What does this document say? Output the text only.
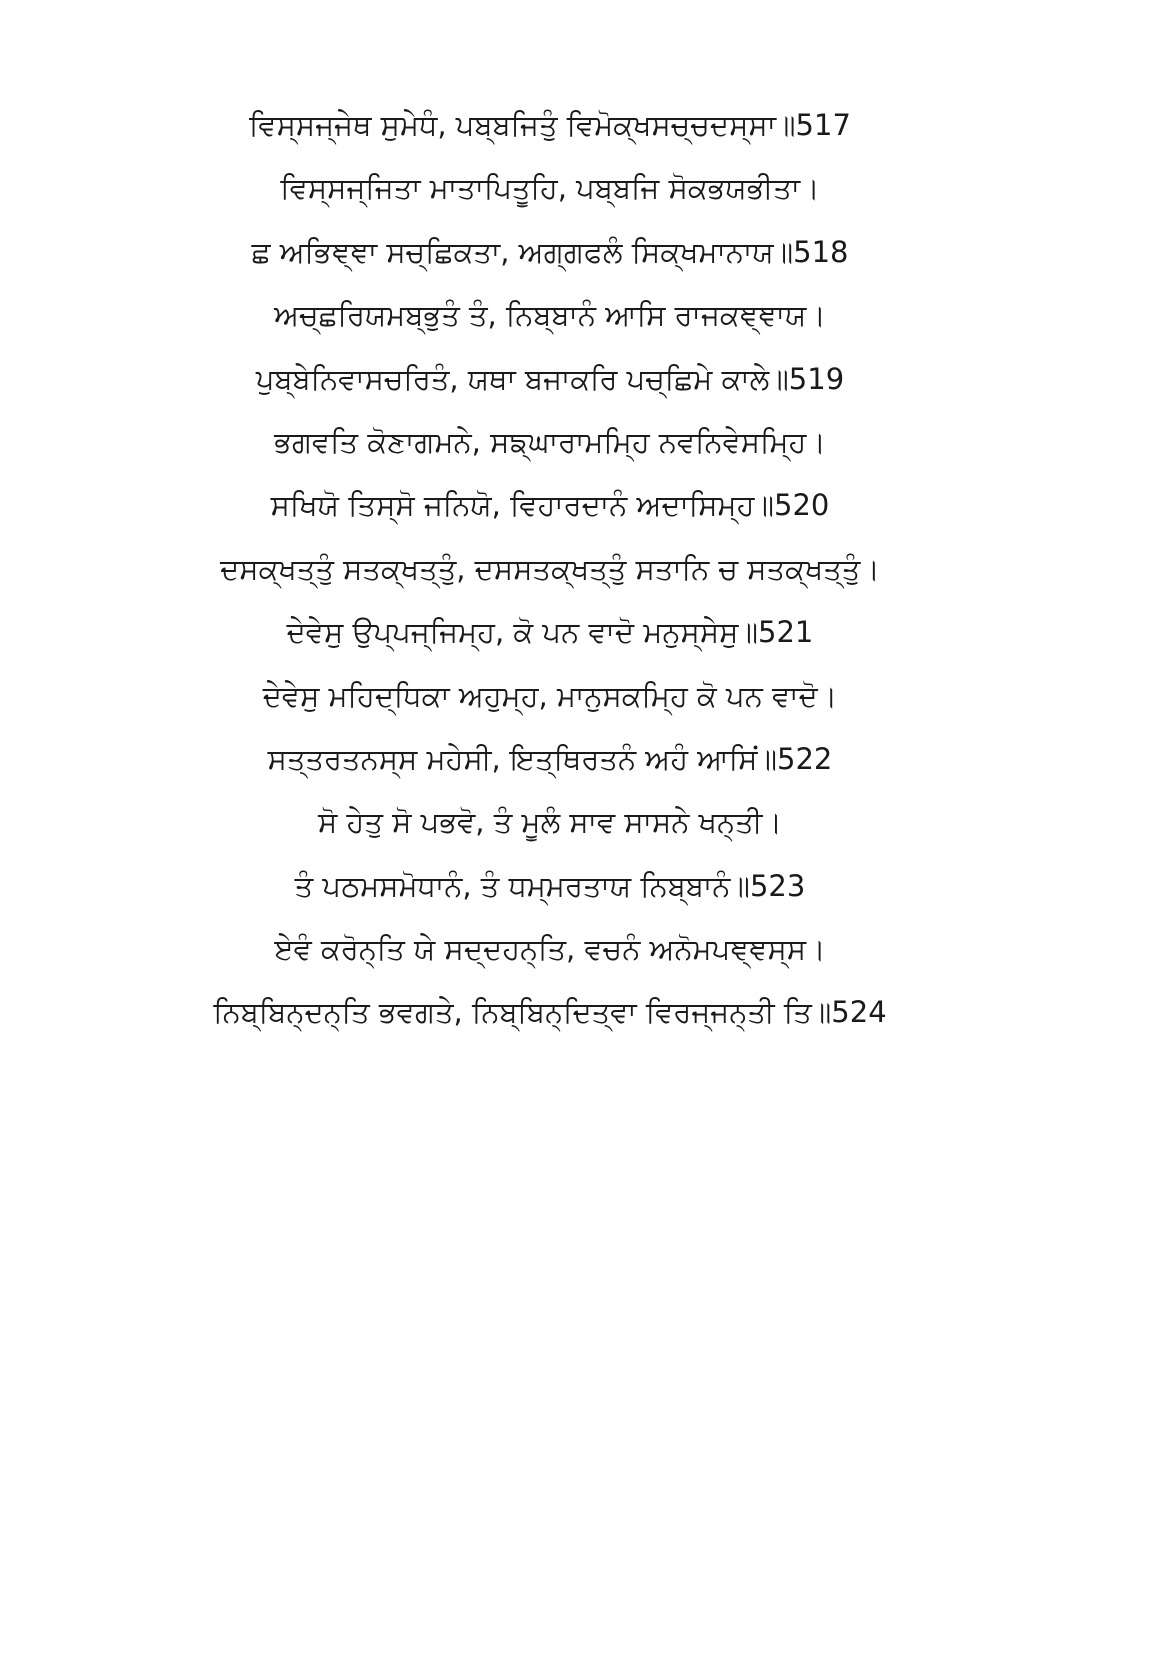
ਵਿਸ੍ਸਜ੍ਜੇਥ ਸੁਮੇਧੰ, ਪਬ੍ਬਜਿਤੁੰ ਵਿਮੋਕ੍ਖਸਚ੍ਚਦਸ੍ਸਾ॥517
ਵਿਸ੍ਸਜ੍ਜਿਤਾ ਮਾਤਾਪਿਤੂਹਿ, ਪਬ੍ਬਜਿ ਸੋਕਭਯਭੀਤਾ।
ਛ ਅਭਿਞ੍ਞਾ ਸਚ੍ਛਿਕਤਾ, ਅਗ੍ਗਫਲੰ ਸਿਕ੍ਖਮਾਨਾਯ॥518
ਅਚ੍ਛਰਿਯਮਬ੍ਭੁਤੰ ਤੰ, ਨਿਬ੍ਬਾਨੰ ਆਸਿ ਰਾਜਕਞ੍ਞਾਯ।
ਪੁਬ੍ਬੇਨਿਵਾਸਚਰਿਤੰ, ਯਥਾ ਬਜਾਕਰਿ ਪਚ੍ਛਿਮੇ ਕਾਲੇ॥519
ਭਗਵਤਿ ਕੋਣਾਗਮਨੇ, ਸਙ੍ਘਾਰਾਮਮ੍ਹਿ ਨਵਨਿਵੇਸਮ੍ਹਿ।
ਸਖਿਯੋ ਤਿਸ੍ਸੋ ਜਨਿਯੋ, ਵਿਹਾਰਦਾਨੰ ਅਦਾਸਿਮ੍ਹ॥520
ਦਸਕ੍ਖਤ੍ਤੁੰ ਸਤਕ੍ਖਤ੍ਤੁੰ, ਦਸਸਤਕ੍ਖਤ੍ਤੁੰ ਸਤਾਨਿ ਚ ਸਤਕ੍ਖਤ੍ਤੁੰ।
ਦੇਵੇਸੁ ਉਪ੍ਪਜ੍ਜਿਮ੍ਹ, ਕੋ ਪਨ ਵਾਦੋ ਮਨੁਸ੍ਸੇਸੁ॥521
ਦੇਵੇਸੁ ਮਹਿਦ੍ਧਿਕਾ ਅਹੁਮ੍ਹ, ਮਾਨੁਸਕਮ੍ਹਿ ਕੋ ਪਨ ਵਾਦੋ।
ਸਤ੍ਤਰਤਨਸ੍ਸ ਮਹੇਸੀ, ਇਤ੍ਥਿਰਤਨੰ ਅਹੰ ਆਸਿਂ॥522
ਸੋ ਹੇਤੁ ਸੋ ਪਭਵੋ, ਤੰ ਮੂਲੰ ਸਾਵ ਸਾਸਨੇ ਖਨ੍ਤੀ।
ਤੰ ਪਠਮਸਮੋਧਾਨੰ, ਤੰ ਧਮ੍ਮਰਤਾਯ ਨਿਬ੍ਬਾਨੰ॥523
ਏਵੰ ਕਰੋਨ੍ਤਿ ਯੇ ਸਦ੍ਦਹਨ੍ਤਿ, ਵਚਨੰ ਅਨੋਮਪਞ੍ਞਸ੍ਸ।
ਨਿਬ੍ਬਿਨ੍ਦਨ੍ਤਿ ਭਵਗਤੇ, ਨਿਬ੍ਬਿਨ੍ਦਿਤ੍ਵਾ ਵਿਰਜ੍ਜਨ੍ਤੀ ਤਿ॥524
